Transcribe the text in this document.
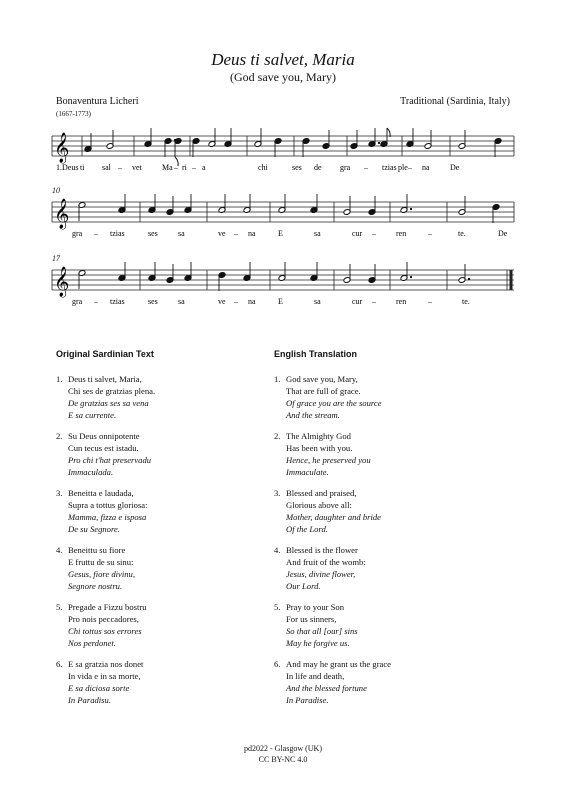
Deus ti salvet, Maria
(God save you, Mary)
Bonaventura Licheri
(1667-1773)
Traditional (Sardinia, Italy)
𝄞
1.Deus ti sal – vet	Ma – ri – a	chi	ses de gra – tzias ple – na	De
10
𝄞
gra – tzias	ses	sa	ve – na	E	sa	cur –	ren	–	te.	De
17
𝄞
gra – tzias	ses	sa	ve – na	E	sa	cur –	ren	–	te.
Original Sardinian Text	English Translation
1. Deus ti salvet, Maria,
Chi ses de gratzias plena.
De gratzias ses sa vena
E sa currente.
2. Su Deus onnipotente
Cun tecus est istadu.
Pro chi t'hat preservadu
Immaculada.
3. Beneitta e laudada,
Supra a tottus gloriosa:
Mamma, fizza e isposa
De su Segnore.
4. Beneittu su fiore
E fruttu de su sinu:
Gesus, fiore divinu,
Segnore nostru.
5. Pregade a Fizzu bostru
Pro nois peccadores,
Chi tottus sos errores
Nos perdonet.
6. E sa gratzia nos donet
In vida e in sa morte,
E sa diciosa sorte
In Paradisu.
1. God save you, Mary,
That are full of grace.
Of grace you are the source
And the stream.
2. The Almighty God
Has been with you.
Hence, he preserved you
Immaculate.
3. Blessed and praised,
Glorious above all:
Mother, daughter and bride
Of the Lord.
4. Blessed is the flower
And fruit of the womb:
Jesus, divine flower,
Our Lord.
5. Pray to your Son
For us sinners,
So that all [our] sins
May he forgive us.
6. And may he grant us the grace
In life and death,
And the blessed fortune
In Paradise.
pd2022 - Glasgow (UK)
CC BY-NC 4.0
